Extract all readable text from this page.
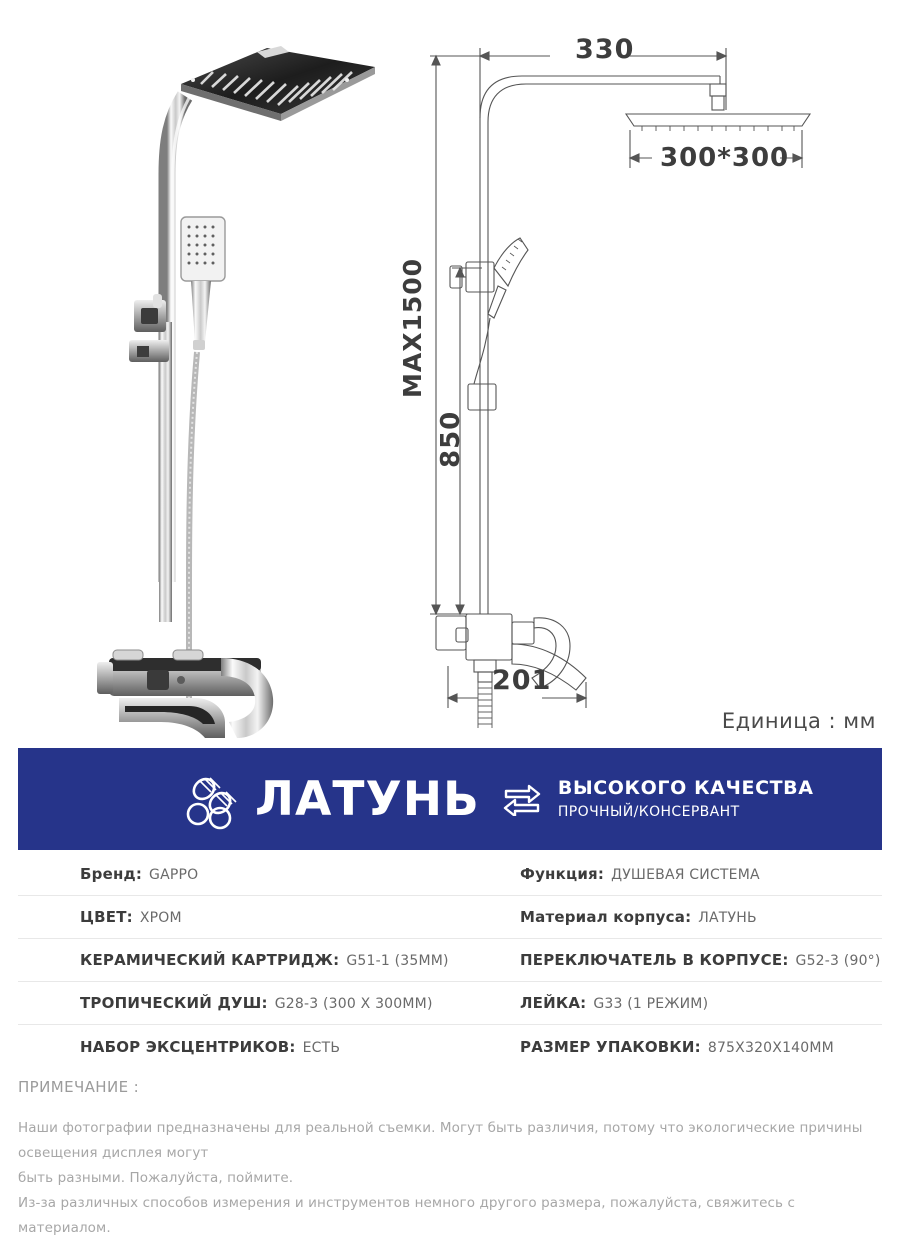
330
300*300
MAX1500
850
201
Единица : мм
ЛАТУНЬ	ВЫСОКОГО КАЧЕСТВА
ПРОЧНЫЙ/КОНСЕРВАНТ
Бренд: GAPPO	Функция: ДУШЕВАЯ СИСТЕМА
ЦВЕТ: ХРОМ	Материал корпуса: ЛАТУНЬ
КЕРАМИЧЕСКИЙ КАРТРИДЖ: G51-1 (35ММ)	ПЕРЕКЛЮЧАТЕЛЬ В КОРПУСЕ: G52-3 (90°)
ТРОПИЧЕСКИЙ ДУШ: G28-3 (300 Х 300ММ)	ЛЕЙКА: G33 (1 РЕЖИМ)
НАБОР ЭКСЦЕНТРИКОВ: ЕСТЬ	РАЗМЕР УПАКОВКИ: 875Х320Х140ММ
ПРИМЕЧАНИЕ :
Наши фотографии предназначены для реальной съемки. Могут быть различия, потому что экологические причины освещения дисплея могут
быть разными. Пожалуйста, поймите.
Из-за различных способов измерения и инструментов немного другого размера, пожалуйста, свяжитесь с материалом.
